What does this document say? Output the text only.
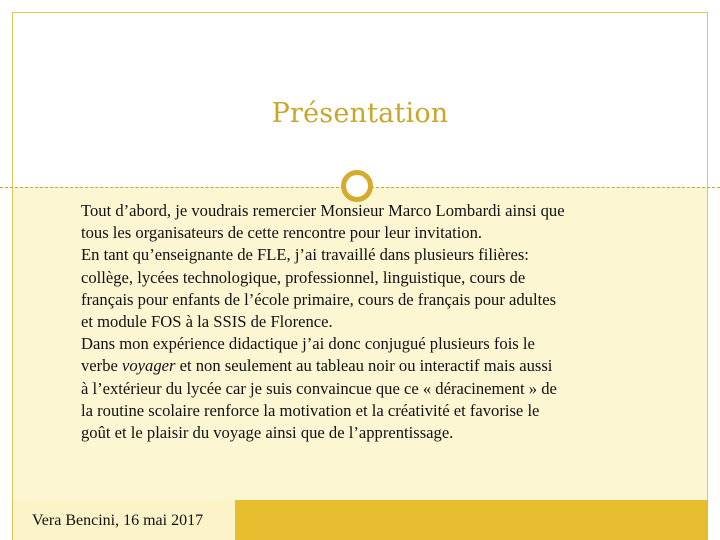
Présentation
Tout d’abord, je voudrais remercier Monsieur Marco Lombardi ainsi que
tous les organisateurs de cette rencontre pour leur invitation.
En tant qu’enseignante de FLE, j’ai travaillé dans plusieurs filières:
collège, lycées technologique, professionnel, linguistique, cours de
français pour enfants de l’école primaire, cours de français pour adultes
et module FOS à la SSIS de Florence.
Dans mon expérience didactique j’ai donc conjugué plusieurs fois le
verbe voyager et non seulement au tableau noir ou interactif mais aussi
à l’extérieur du lycée car je suis convaincue que ce « déracinement » de
la routine scolaire renforce la motivation et la créativité et favorise le
goût et le plaisir du voyage ainsi que de l’apprentissage.
Vera Bencini, 16 mai 2017
